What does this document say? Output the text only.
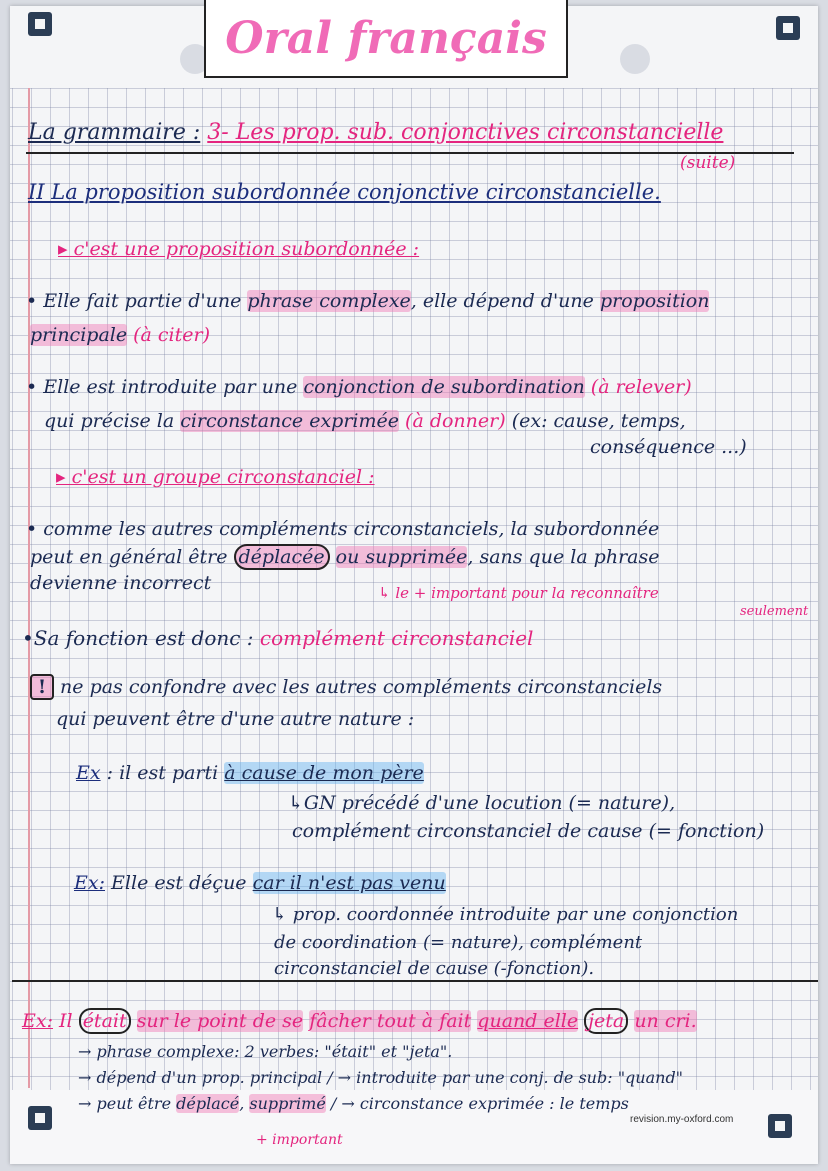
Oral français
La grammaire : 3- Les prop. sub. conjonctives circonstancielle
(suite)
II La proposition subordonnée conjonctive circonstancielle.
▸ c'est une proposition subordonnée :
• Elle fait partie d'une phrase complexe, elle dépend d'une proposition
principale (à citer)
• Elle est introduite par une conjonction de subordination (à relever)
qui précise la circonstance exprimée (à donner) (ex: cause, temps,
conséquence ...)
▸ c'est un groupe circonstanciel :
• comme les autres compléments circonstanciels, la subordonnée
peut en général être déplacée ou supprimée, sans que la phrase
devienne incorrect	↳ le + important pour la reconnaître
seulement
•Sa fonction est donc : complément circonstanciel
! ne pas confondre avec les autres compléments circonstanciels
qui peuvent être d'une autre nature :
Ex : il est parti à cause de mon père
↳GN précédé d'une locution (= nature),
complément circonstanciel de cause (= fonction)
Ex: Elle est déçue car il n'est pas venu
↳ prop. coordonnée introduite par une conjonction
de coordination (= nature), complément
circonstanciel de cause (-fonction).
Ex: Il était sur le point de se fâcher tout à fait quand elle jeta un cri.
→ phrase complexe: 2 verbes: "était" et "jeta".
→ dépend d'un prop. principal / → introduite par une conj. de sub: "quand"
→ peut être déplacé, supprimé / → circonstance exprimée : le temps
+ important
revision.my-oxford.com
